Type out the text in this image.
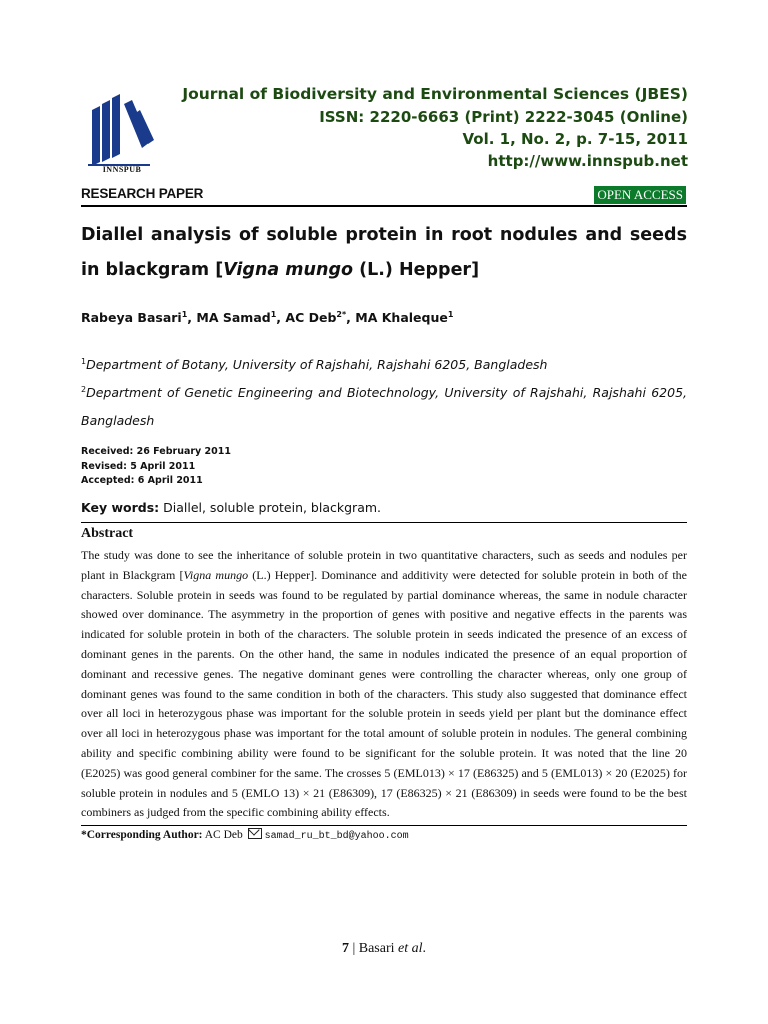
INNSPUB
Journal of Biodiversity and Environmental Sciences (JBES)
ISSN: 2220-6663 (Print) 2222-3045 (Online)
Vol. 1, No. 2, p. 7-15, 2011
http://www.innspub.net
RESEARCH PAPER	OPEN ACCESS
Diallel analysis of soluble protein in root nodules and seeds in blackgram [Vigna mungo (L.) Hepper]
Rabeya Basari$^1$, MA Samad$^1$, AC Deb$^{2*}$, MA Khaleque$^1$
$^1$Department of Botany, University of Rajshahi, Rajshahi 6205, Bangladesh
$^2$Department of Genetic Engineering and Biotechnology, University of Rajshahi, Rajshahi 6205, Bangladesh
Received: 26 February 2011
Revised: 5 April 2011
Accepted: 6 April 2011
Key words: Diallel, soluble protein, blackgram.
Abstract
The study was done to see the inheritance of soluble protein in two quantitative characters, such as seeds and nodules per plant in Blackgram [Vigna mungo (L.) Hepper]. Dominance and additivity were detected for soluble protein in both of the characters. Soluble protein in seeds was found to be regulated by partial dominance whereas, the same in nodule character showed over dominance. The asymmetry in the proportion of genes with positive and negative effects in the parents was indicated for soluble protein in both of the characters. The soluble protein in seeds indicated the presence of an excess of dominant genes in the parents. On the other hand, the same in nodules indicated the presence of an equal proportion of dominant and recessive genes. The negative dominant genes were controlling the character whereas, only one group of dominant genes was found to the same condition in both of the characters. This study also suggested that dominance effect over all loci in heterozygous phase was important for the soluble protein in seeds yield per plant but the dominance effect over all loci in heterozygous phase was important for the total amount of soluble protein in nodules. The general combining ability and specific combining ability were found to be significant for the soluble protein. It was noted that the line 20 (E2025) was good general combiner for the same. The crosses 5 (EML013) × 17 (E86325) and 5 (EML013) × 20 (E2025) for soluble protein in nodules and 5 (EMLO 13) × 21 (E86309), 17 (E86325) × 21 (E86309) in seeds were found to be the best combiners as judged from the specific combining ability effects.
*Corresponding Author: AC Deb samad_ru_bt_bd@yahoo.com
7 | Basari et al.
